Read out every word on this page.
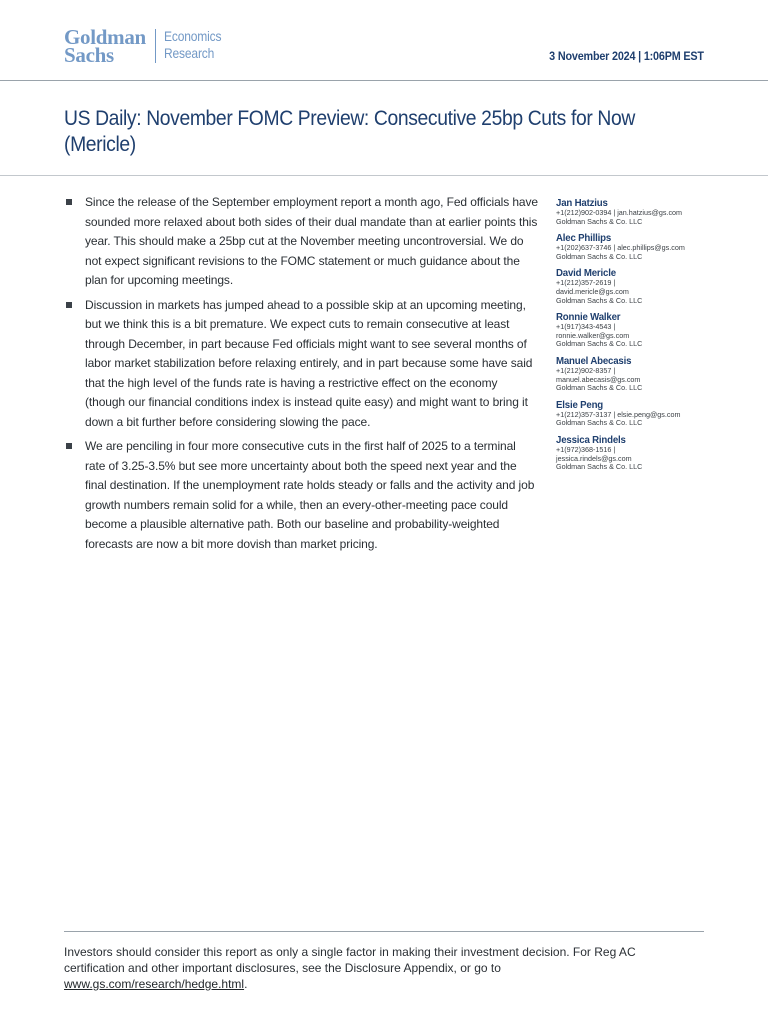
Goldman
Sachs
Economics
Research	3 November 2024 | 1:06PM EST
US Daily: November FOMC Preview: Consecutive 25bp Cuts for Now (Mericle)
Since the release of the September employment report a month ago, Fed officials have sounded more relaxed about both sides of their dual mandate than at earlier points this year. This should make a 25bp cut at the November meeting uncontroversial. We do not expect significant revisions to the FOMC statement or much guidance about the plan for upcoming meetings.
Discussion in markets has jumped ahead to a possible skip at an upcoming meeting, but we think this is a bit premature. We expect cuts to remain consecutive at least through December, in part because Fed officials might want to see several months of labor market stabilization before relaxing entirely, and in part because some have said that the high level of the funds rate is having a restrictive effect on the economy (though our financial conditions index is instead quite easy) and might want to bring it down a bit further before considering slowing the pace.
We are penciling in four more consecutive cuts in the first half of 2025 to a terminal rate of 3.25-3.5% but see more uncertainty about both the speed next year and the final destination. If the unemployment rate holds steady or falls and the activity and job growth numbers remain solid for a while, then an every-other-meeting pace could become a plausible alternative path. Both our baseline and probability-weighted forecasts are now a bit more dovish than market pricing.
Jan Hatzius
+1(212)902-0394 | jan.hatzius@gs.com
Goldman Sachs & Co. LLC
Alec Phillips
+1(202)637-3746 | alec.phillips@gs.com
Goldman Sachs & Co. LLC
David Mericle
+1(212)357-2619 |
david.mericle@gs.com
Goldman Sachs & Co. LLC
Ronnie Walker
+1(917)343-4543 |
ronnie.walker@gs.com
Goldman Sachs & Co. LLC
Manuel Abecasis
+1(212)902-8357 |
manuel.abecasis@gs.com
Goldman Sachs & Co. LLC
Elsie Peng
+1(212)357-3137 | elsie.peng@gs.com
Goldman Sachs & Co. LLC
Jessica Rindels
+1(972)368-1516 |
jessica.rindels@gs.com
Goldman Sachs & Co. LLC
Investors should consider this report as only a single factor in making their investment decision. For Reg AC certification and other important disclosures, see the Disclosure Appendix, or go to
www.gs.com/research/hedge.html.
